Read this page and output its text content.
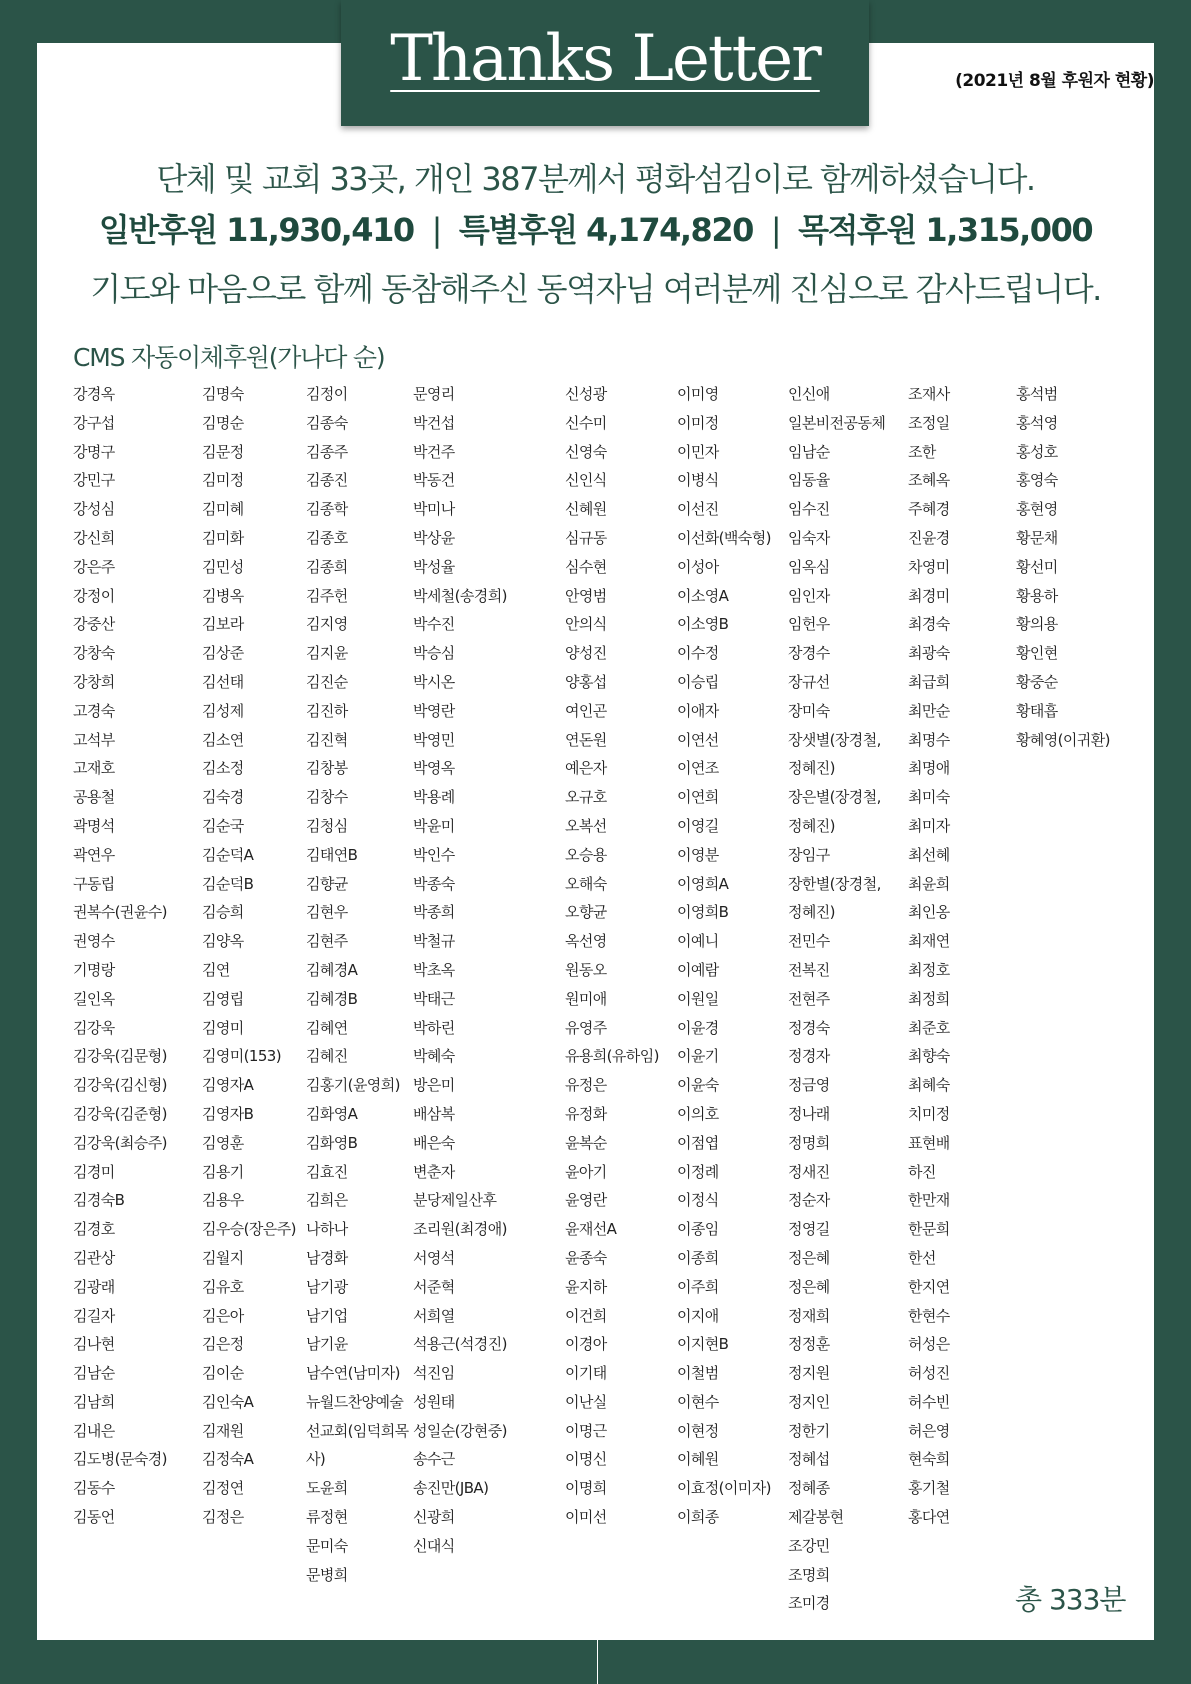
Thanks Letter	(2021년 8월 후원자 현황)
단체 및 교회 33곳, 개인 387분께서 평화섬김이로 함께하셨습니다.
일반후원 11,930,410 | 특별후원 4,174,820 | 목적후원 1,315,000
기도와 마음으로 함께 동참해주신 동역자님 여러분께 진심으로 감사드립니다.
CMS 자동이체후원(가나다 순)
강경옥
강구섭
강명구
강민구
강성심
강신희
강은주
강정이
강중산
강창숙
강창희
고경숙
고석부
고재호
공용철
곽명석
곽연우
구동립
권복수(권윤수)
권영수
기명랑
길인옥
김강욱
김강욱(김문형)
김강욱(김신형)
김강욱(김준형)
김강욱(최승주)
김경미
김경숙B
김경호
김관상
김광래
김길자
김나현
김남순
김남희
김내은
김도병(문숙경)
김동수
김동언
김명숙
김명순
김문정
김미정
김미혜
김미화
김민성
김병옥
김보라
김상준
김선태
김성제
김소연
김소정
김숙경
김순국
김순덕A
김순덕B
김승희
김양옥
김연
김영립
김영미
김영미(153)
김영자A
김영자B
김영훈
김용기
김용우
김우승(장은주)
김월지
김유호
김은아
김은정
김이순
김인숙A
김재원
김정숙A
김정연
김정은
김정이
김종숙
김종주
김종진
김종학
김종호
김종희
김주헌
김지영
김지윤
김진순
김진하
김진혁
김창봉
김창수
김청심
김태연B
김향균
김현우
김현주
김혜경A
김혜경B
김혜연
김혜진
김홍기(윤영희)
김화영A
김화영B
김효진
김희은
나하나
남경화
남기광
남기업
남기윤
남수연(남미자)
뉴월드찬양예술
선교회(임덕희목
사)
도윤희
류정현
문미숙
문병희
문영리
박건섭
박건주
박동건
박미나
박상윤
박성율
박세철(송경희)
박수진
박승심
박시온
박영란
박영민
박영옥
박용례
박윤미
박인수
박종숙
박종희
박철규
박초옥
박태근
박하린
박혜숙
방은미
배삼복
배은숙
변춘자
분당제일산후
조리원(최경애)
서영석
서준혁
서희열
석용근(석경진)
석진임
성원태
성일순(강현중)
송수근
송진만(JBA)
신광희
신대식
신성광
신수미
신영숙
신인식
신혜원
심규동
심수현
안영범
안의식
양성진
양홍섭
여인곤
연돈원
예은자
오규호
오복선
오승용
오해숙
오향균
옥선영
원동오
원미애
유영주
유용희(유하임)
유정은
유정화
윤복순
윤아기
윤영란
윤재선A
윤종숙
윤지하
이건희
이경아
이기태
이난실
이명근
이명신
이명희
이미선
이미영
이미정
이민자
이병식
이선진
이선화(백숙형)
이성아
이소영A
이소영B
이수정
이승립
이애자
이연선
이연조
이연희
이영길
이영분
이영희A
이영희B
이예니
이예람
이원일
이윤경
이윤기
이윤숙
이의호
이점엽
이정례
이정식
이종임
이종희
이주희
이지애
이지현B
이철범
이현수
이현정
이혜원
이효정(이미자)
이희종
인신애
일본비전공동체
임남순
임동율
임수진
임숙자
임옥심
임인자
임헌우
장경수
장규선
장미숙
장샛별(장경철,
정혜진)
장은별(장경철,
정혜진)
장임구
장한별(장경철,
정혜진)
전민수
전복진
전현주
정경숙
정경자
정금영
정나래
정명희
정새진
정순자
정영길
정은혜
정은혜
정재희
정정훈
정지원
정지인
정한기
정혜섭
정혜종
제갈봉현
조강민
조명희
조미경
조재사
조정일
조한
조혜옥
주혜경
진윤경
차영미
최경미
최경숙
최광숙
최급희
최만순
최명수
최명애
최미숙
최미자
최선혜
최윤희
최인옹
최재연
최정호
최정희
최준호
최향숙
최혜숙
치미정
표현배
하진
한만재
한문희
한선
한지연
한현수
허성은
허성진
허수빈
허은영
현숙희
홍기철
홍다연
홍석범
홍석영
홍성호
홍영숙
홍현영
황문채
황선미
황용하
황의용
황인현
황중순
황태흡
황혜영(이귀환)
총 333분
